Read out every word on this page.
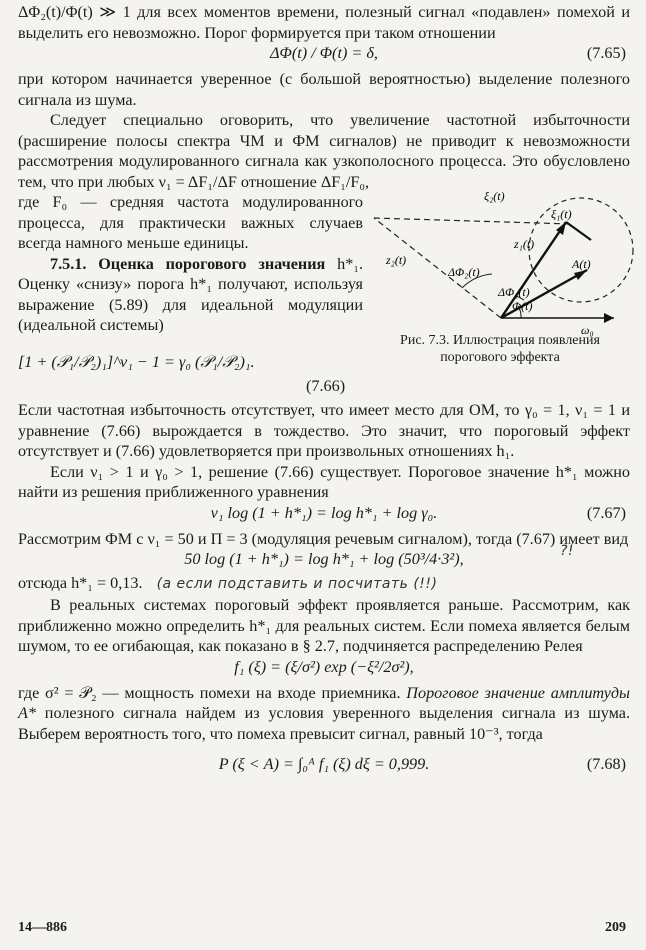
ΔΦ₂(t)/Φ(t) ≫ 1 для всех моментов времени, полезный сигнал «подавлен» помехой и выделить его невозможно. Порог формируется при таком отношении

ΔΦ(t) / Φ(t) = δ,	(7.65)

при котором начинается уверенное (с большой вероятностью) выделение полезного сигнала из шума.

Следует специально оговорить, что увеличение частотной избыточности (расширение полосы спектра ЧМ и ФМ сигналов) не приводит к невозможности рассмотрения модулированного сигнала как узкополосного процесса. Это обусловлено тем, что при любых ν₁ = ΔF₁/ΔF отношение ΔF₁/F₀,

где F₀ — средняя частота модулированного процесса, для практически важных случаев всегда намного меньше единицы.

7.5.1. Оценка порогового значения h*₁. Оценку «снизу» порога h*₁ получают, используя выражение (5.89) для идеальной модуляции (идеальной системы)

ξ₂(t)
ξ₁(t)
z₁(t)
z₂(t)	A(t)
ΔΦ₂(t)
ΔΦ₁(t)
Φ(t)
ω₀
Рис. 7.3. Иллюстрация появления порогового эффекта
[1 + (𝒫₁/𝒫₂)₁]^ν₁ − 1 = γ₀ (𝒫₁/𝒫₂)₁.
(7.66)

Если частотная избыточность отсутствует, что имеет место для ОМ, то γ₀ = 1, ν₁ = 1 и уравнение (7.66) вырождается в тождество. Это значит, что пороговый эффект отсутствует и (7.66) удовлетворяется при произвольных отношениях h₁.

Если ν₁ > 1 и γ₀ > 1, решение (7.66) существует. Пороговое значение h*₁ можно найти из решения приближенного уравнения

ν₁ log (1 + h*₁) = log h*₁ + log γ₀.	(7.67)

Рассмотрим ФМ с ν₁ = 50 и Π = 3 (модуляция речевым сигналом), тогда (7.67) имеет вид

50 log (1 + h*₁) = log h*₁ + log (50³/4·3²),	?!
отсюда h*₁ = 0,13. (а если подставить и посчитать (!!)

В реальных системах пороговый эффект проявляется раньше. Рассмотрим, как приближенно можно определить h*₁ для реальных систем. Если помеха является белым шумом, то ее огибающая, как показано в § 2.7, подчиняется распределению Релея

f₁ (ξ) = (ξ/σ²) exp (−ξ²/2σ²),

где σ² = 𝒫₂ — мощность помехи на входе приемника. Пороговое значение амплитуды A* полезного сигнала найдем из условия уверенного выделения сигнала из шума. Выберем вероятность того, что помеха превысит сигнал, равный 10⁻³, тогда

P (ξ < A) = ∫₀ᴬ f₁ (ξ) dξ = 0,999.	(7.68)
14—886	209
